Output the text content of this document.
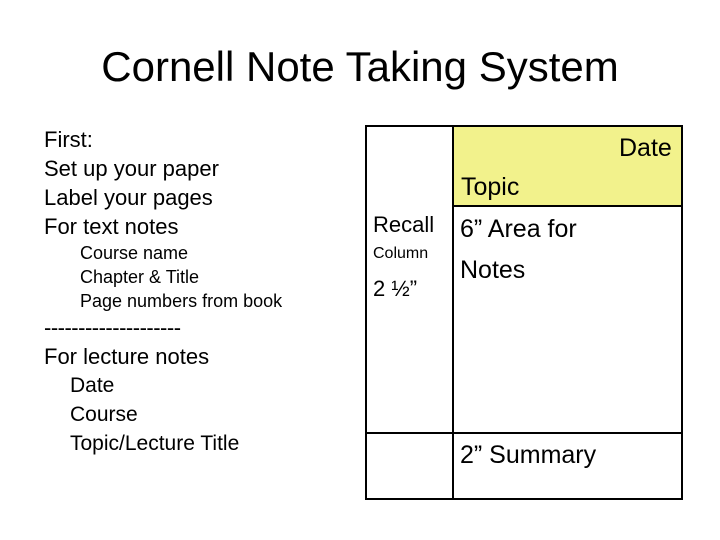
Cornell Note Taking System
First:
Set up your paper
Label your pages
For text notes
Course name
Chapter & Title
Page numbers from book
--------------------
For lecture notes
Date
Course
Topic/Lecture Title
Date
Topic
Recall
Column
2 ½”
6” Area for
Notes
2” Summary
